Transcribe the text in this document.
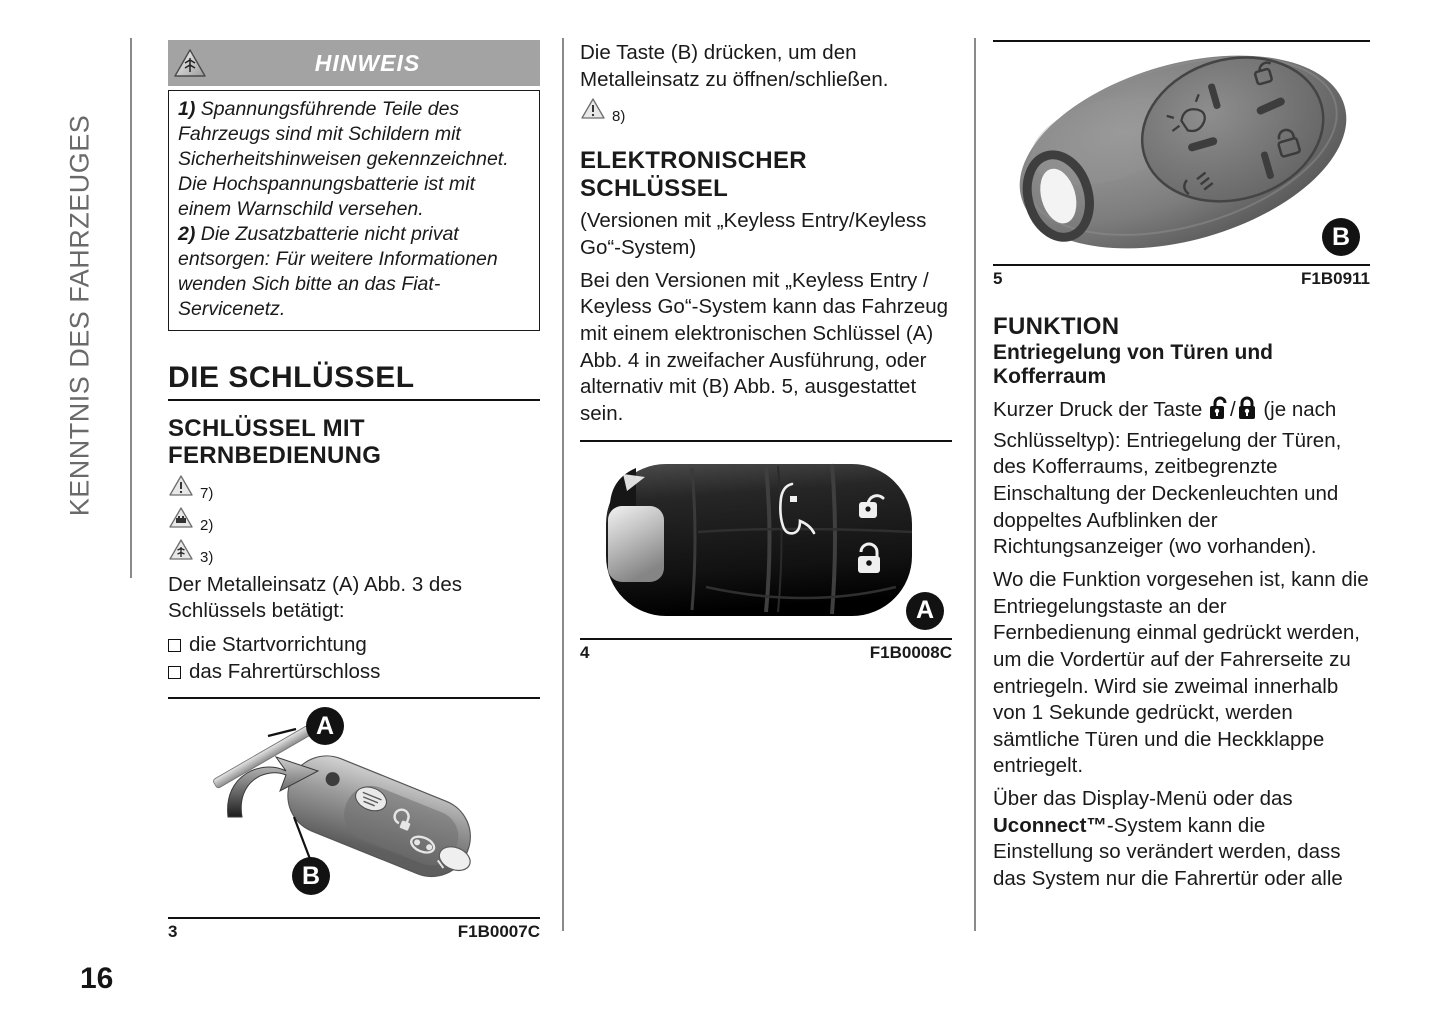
KENNTNIS DES FAHRZEUGES
16
HINWEIS
1) Spannungsführende Teile des Fahrzeugs sind mit Schildern mit Sicherheitshinweisen gekennzeichnet. Die Hochspannungsbatterie ist mit einem Warnschild versehen.
2) Die Zusatzbatterie nicht privat entsorgen: Für weitere Informationen wenden Sich bitte an das Fiat-Servicenetz.
DIE SCHLÜSSEL
SCHLÜSSEL MIT
FERNBEDIENUNG
7)
2)
3)

Der Metalleinsatz (A) Abb. 3 des Schlüssels betätigt:

die Startvorrichtung
das Fahrertürschloss
A
B
3	F1B0007C

Die Taste (B) drücken, um den Metalleinsatz zu öffnen/schließen.

8)
ELEKTRONISCHER
SCHLÜSSEL

(Versionen mit „Keyless Entry/Keyless Go“-System)

Bei den Versionen mit „Keyless Entry / Keyless Go“-System kann das Fahrzeug mit einem elektronischen Schlüssel (A) Abb. 4 in zweifacher Ausführung, oder alternativ mit (B) Abb. 5, ausgestattet sein.

A
4	F1B0008C
B
5	F1B0911
FUNKTION
Entriegelung von Türen und
Kofferraum

Kurzer Druck der Taste / (je nach Schlüsseltyp): Entriegelung der Türen, des Kofferraums, zeitbegrenzte Einschaltung der Deckenleuchten und doppeltes Aufblinken der Richtungsanzeiger (wo vorhanden).

Wo die Funktion vorgesehen ist, kann die Entriegelungstaste an der Fernbedienung einmal gedrückt werden, um die Vordertür auf der Fahrerseite zu entriegeln. Wird sie zweimal innerhalb von 1 Sekunde gedrückt, werden sämtliche Türen und die Heckklappe entriegelt.

Über das Display-Menü oder das Uconnect™-System kann die Einstellung so verändert werden, dass das System nur die Fahrertür oder alle
